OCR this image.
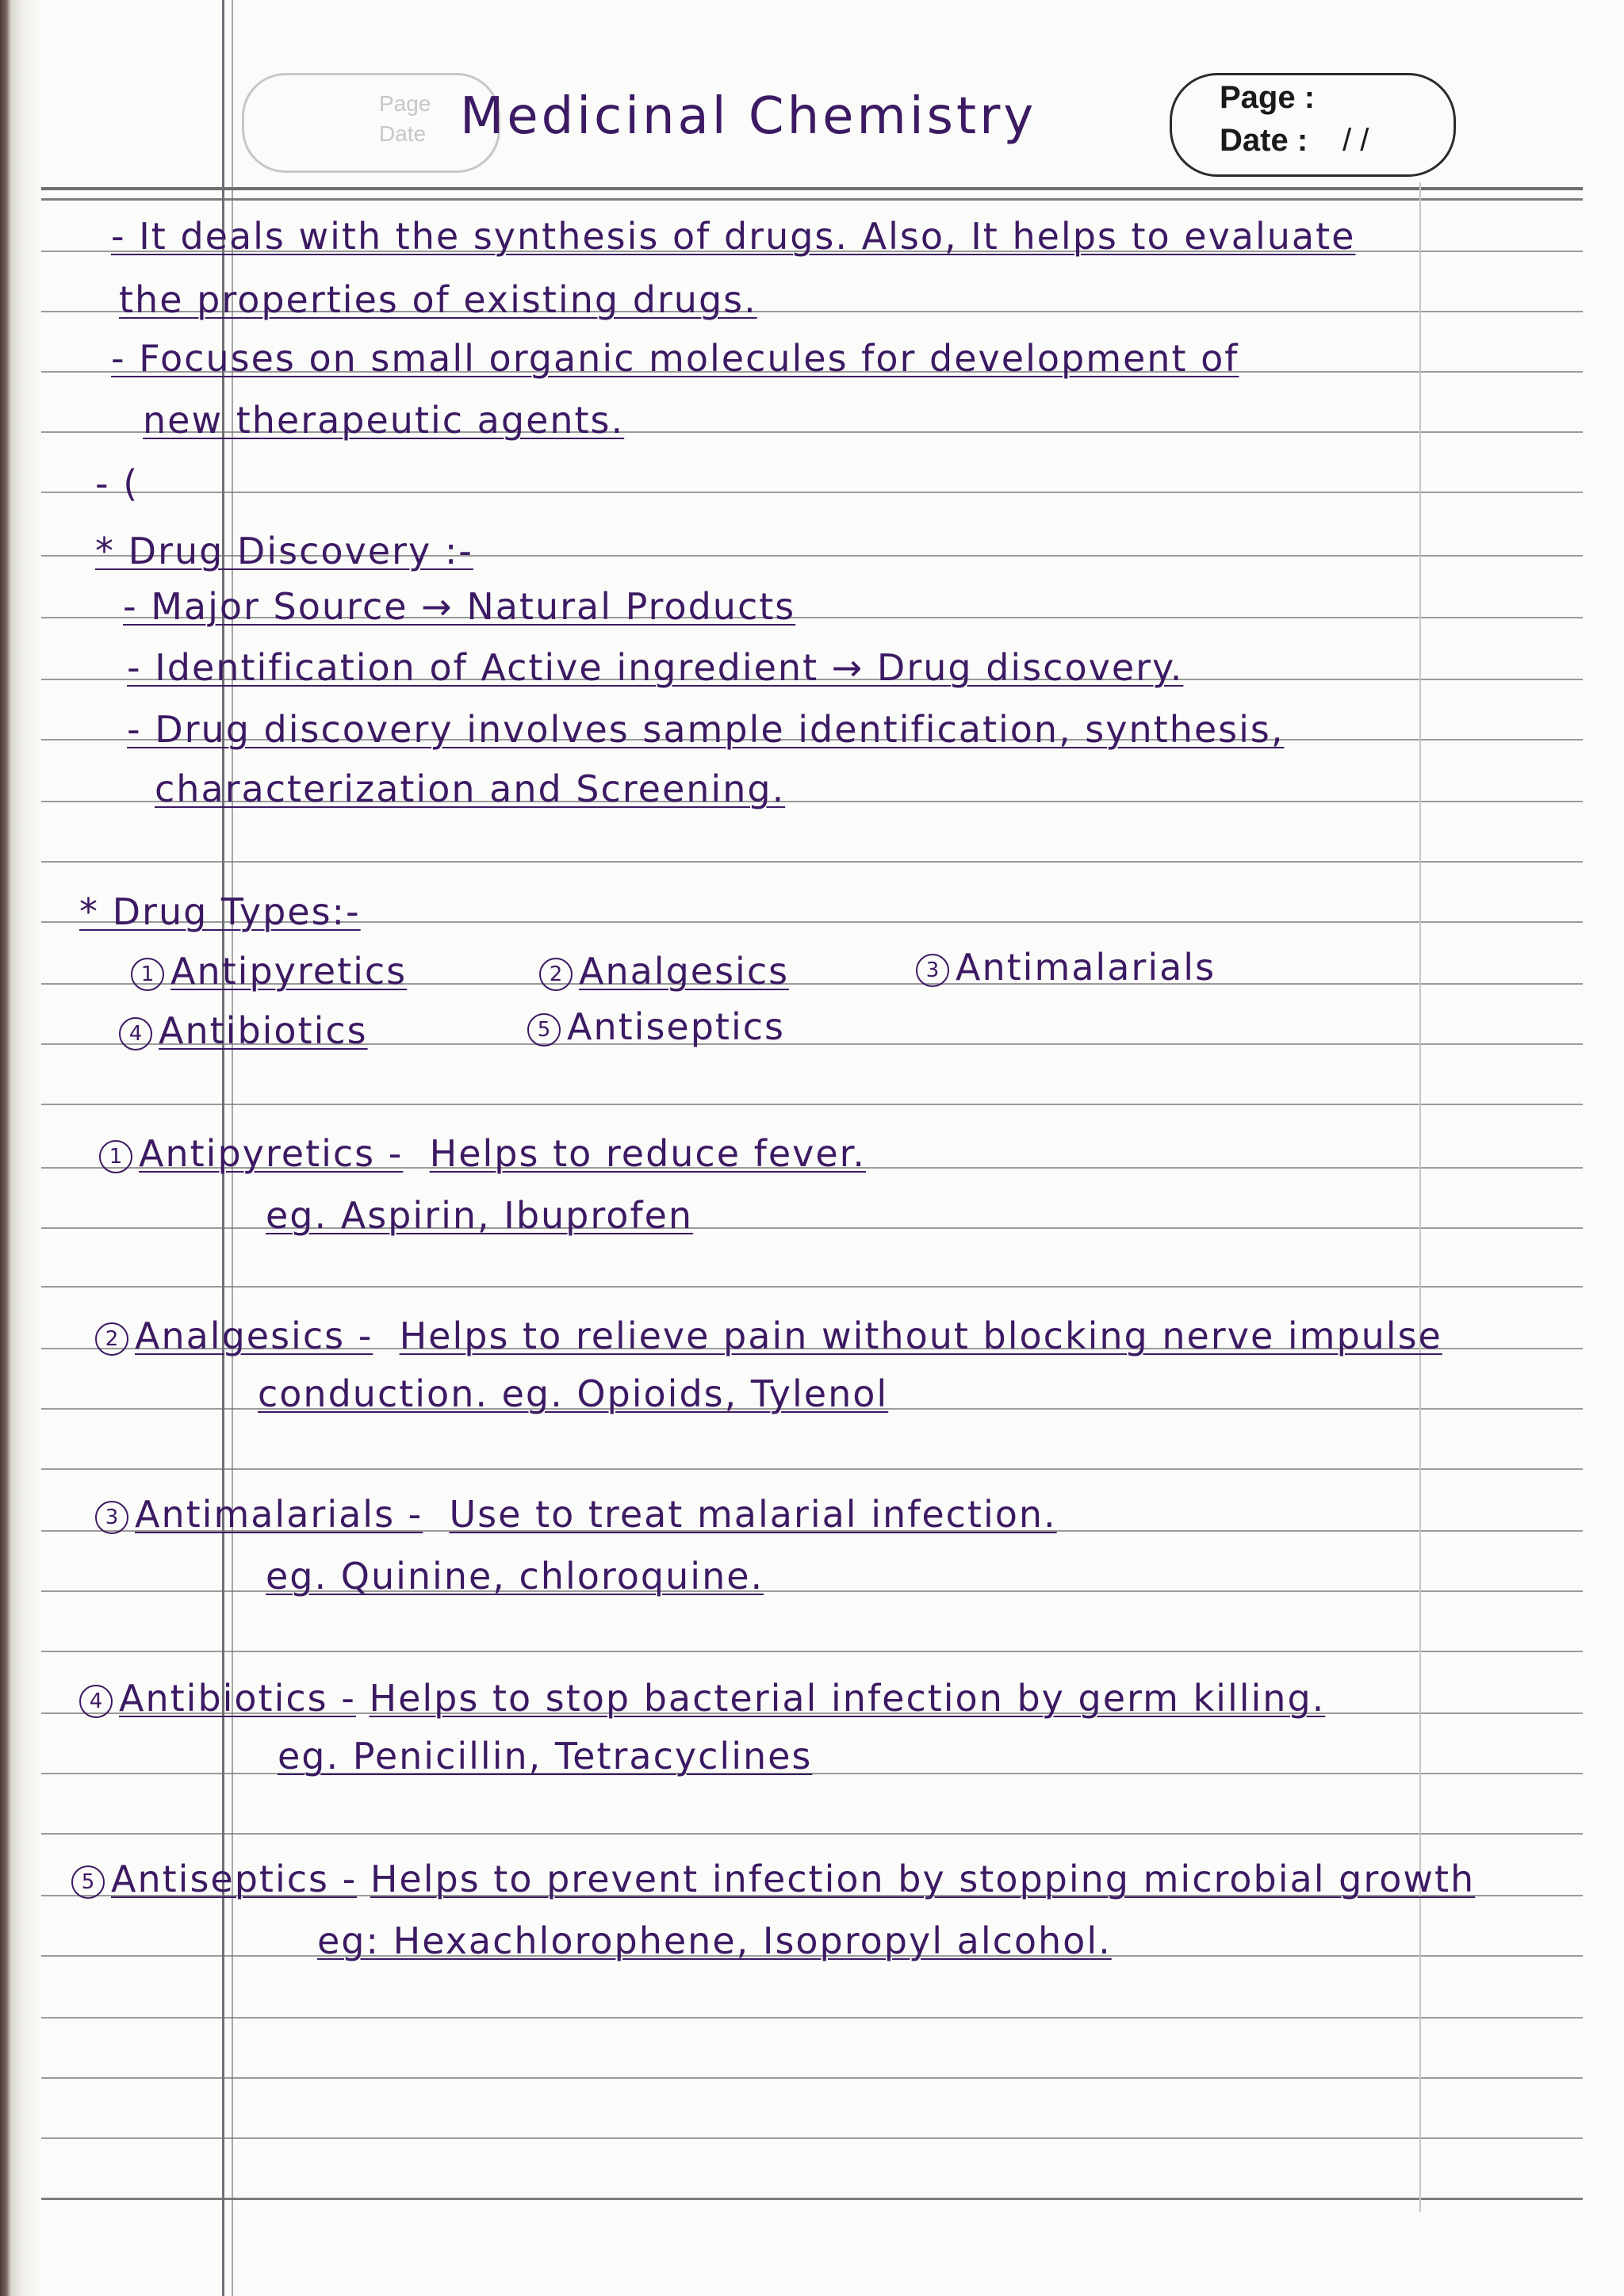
Page
Date Medicinal Chemistry	Page :
Date : / /
- It deals with the synthesis of drugs. Also, It helps to evaluate
the properties of existing drugs.
- Focuses on small organic molecules for development of
new therapeutic agents.
- (
* Drug Discovery :-
- Major Source → Natural Products
- Identification of Active ingredient → Drug discovery.
- Drug discovery involves sample identification, synthesis,
characterization and Screening.
* Drug Types:-
1 Antipyretics	2 Analgesics	3 Antimalarials
4 Antibiotics	5 Antiseptics
1 Antipyretics - Helps to reduce fever.
eg. Aspirin, Ibuprofen
2 Analgesics - Helps to relieve pain without blocking nerve impulse
conduction. eg. Opioids, Tylenol
3 Antimalarials - Use to treat malarial infection.
eg. Quinine, chloroquine.
4 Antibiotics - Helps to stop bacterial infection by germ killing.
eg. Penicillin, Tetracyclines
5 Antiseptics - Helps to prevent infection by stopping microbial growth
eg: Hexachlorophene, Isopropyl alcohol.
